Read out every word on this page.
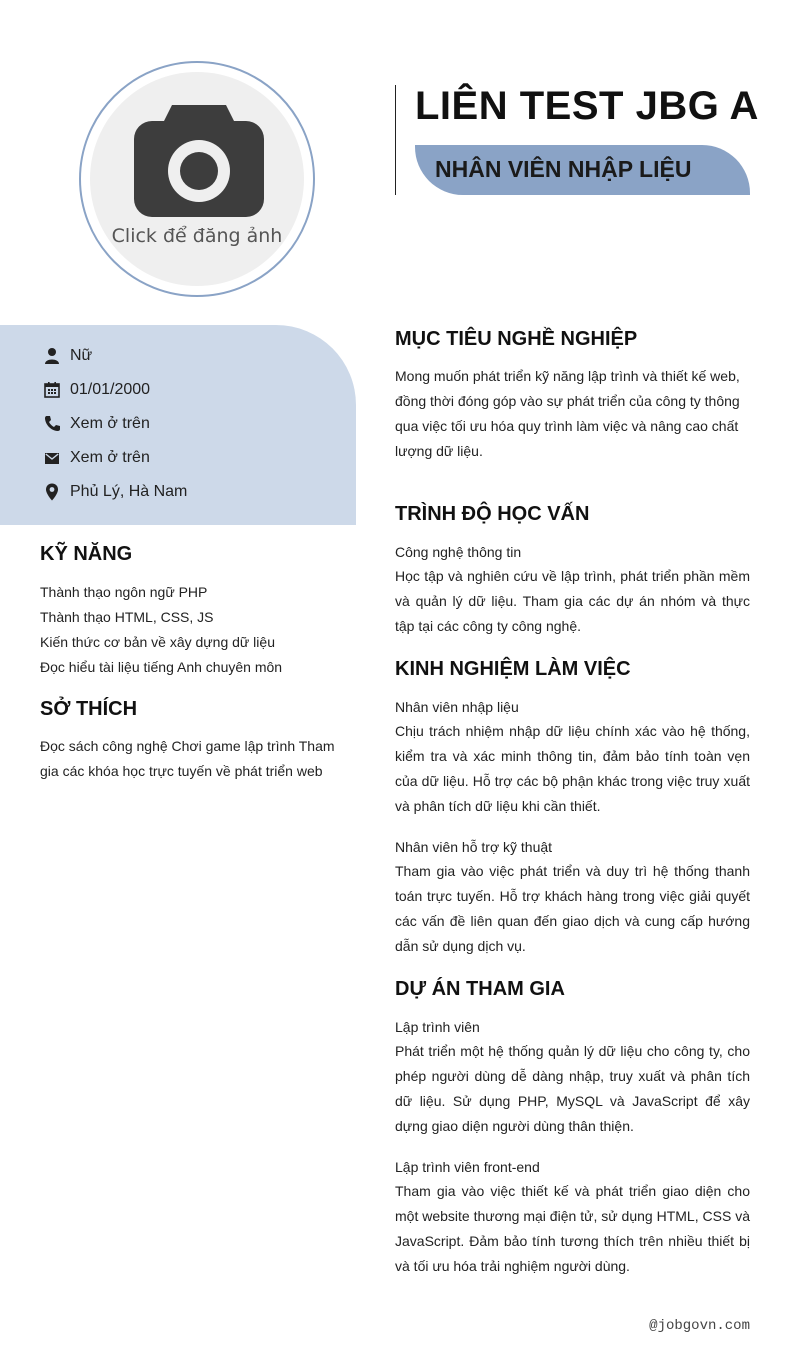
Click để đăng ảnh
LIÊN TEST JBG A
NHÂN VIÊN NHẬP LIỆU
Nữ
01/01/2000
Xem ở trên
Xem ở trên
Phủ Lý, Hà Nam
KỸ NĂNG
Thành thạo ngôn ngữ PHP
Thành thạo HTML, CSS, JS
Kiến thức cơ bản về xây dựng dữ liệu
Đọc hiểu tài liệu tiếng Anh chuyên môn
SỞ THÍCH

Đọc sách công nghệ Chơi game lập trình Tham gia các khóa học trực tuyến về phát triển web

MỤC TIÊU NGHỀ NGHIỆP

Mong muốn phát triển kỹ năng lập trình và thiết kế web, đồng thời đóng góp vào sự phát triển của công ty thông qua việc tối ưu hóa quy trình làm việc và nâng cao chất lượng dữ liệu.

TRÌNH ĐỘ HỌC VẤN
Công nghệ thông tin

Học tập và nghiên cứu về lập trình, phát triển phần mềm và quản lý dữ liệu. Tham gia các dự án nhóm và thực tập tại các công ty công nghệ.

KINH NGHIỆM LÀM VIỆC
Nhân viên nhập liệu

Chịu trách nhiệm nhập dữ liệu chính xác vào hệ thống, kiểm tra và xác minh thông tin, đảm bảo tính toàn vẹn của dữ liệu. Hỗ trợ các bộ phận khác trong việc truy xuất và phân tích dữ liệu khi cần thiết.

Nhân viên hỗ trợ kỹ thuật

Tham gia vào việc phát triển và duy trì hệ thống thanh toán trực tuyến. Hỗ trợ khách hàng trong việc giải quyết các vấn đề liên quan đến giao dịch và cung cấp hướng dẫn sử dụng dịch vụ.

DỰ ÁN THAM GIA
Lập trình viên

Phát triển một hệ thống quản lý dữ liệu cho công ty, cho phép người dùng dễ dàng nhập, truy xuất và phân tích dữ liệu. Sử dụng PHP, MySQL và JavaScript để xây dựng giao diện người dùng thân thiện.

Lập trình viên front-end

Tham gia vào việc thiết kế và phát triển giao diện cho một website thương mại điện tử, sử dụng HTML, CSS và JavaScript. Đảm bảo tính tương thích trên nhiều thiết bị và tối ưu hóa trải nghiệm người dùng.

@jobgovn.com
